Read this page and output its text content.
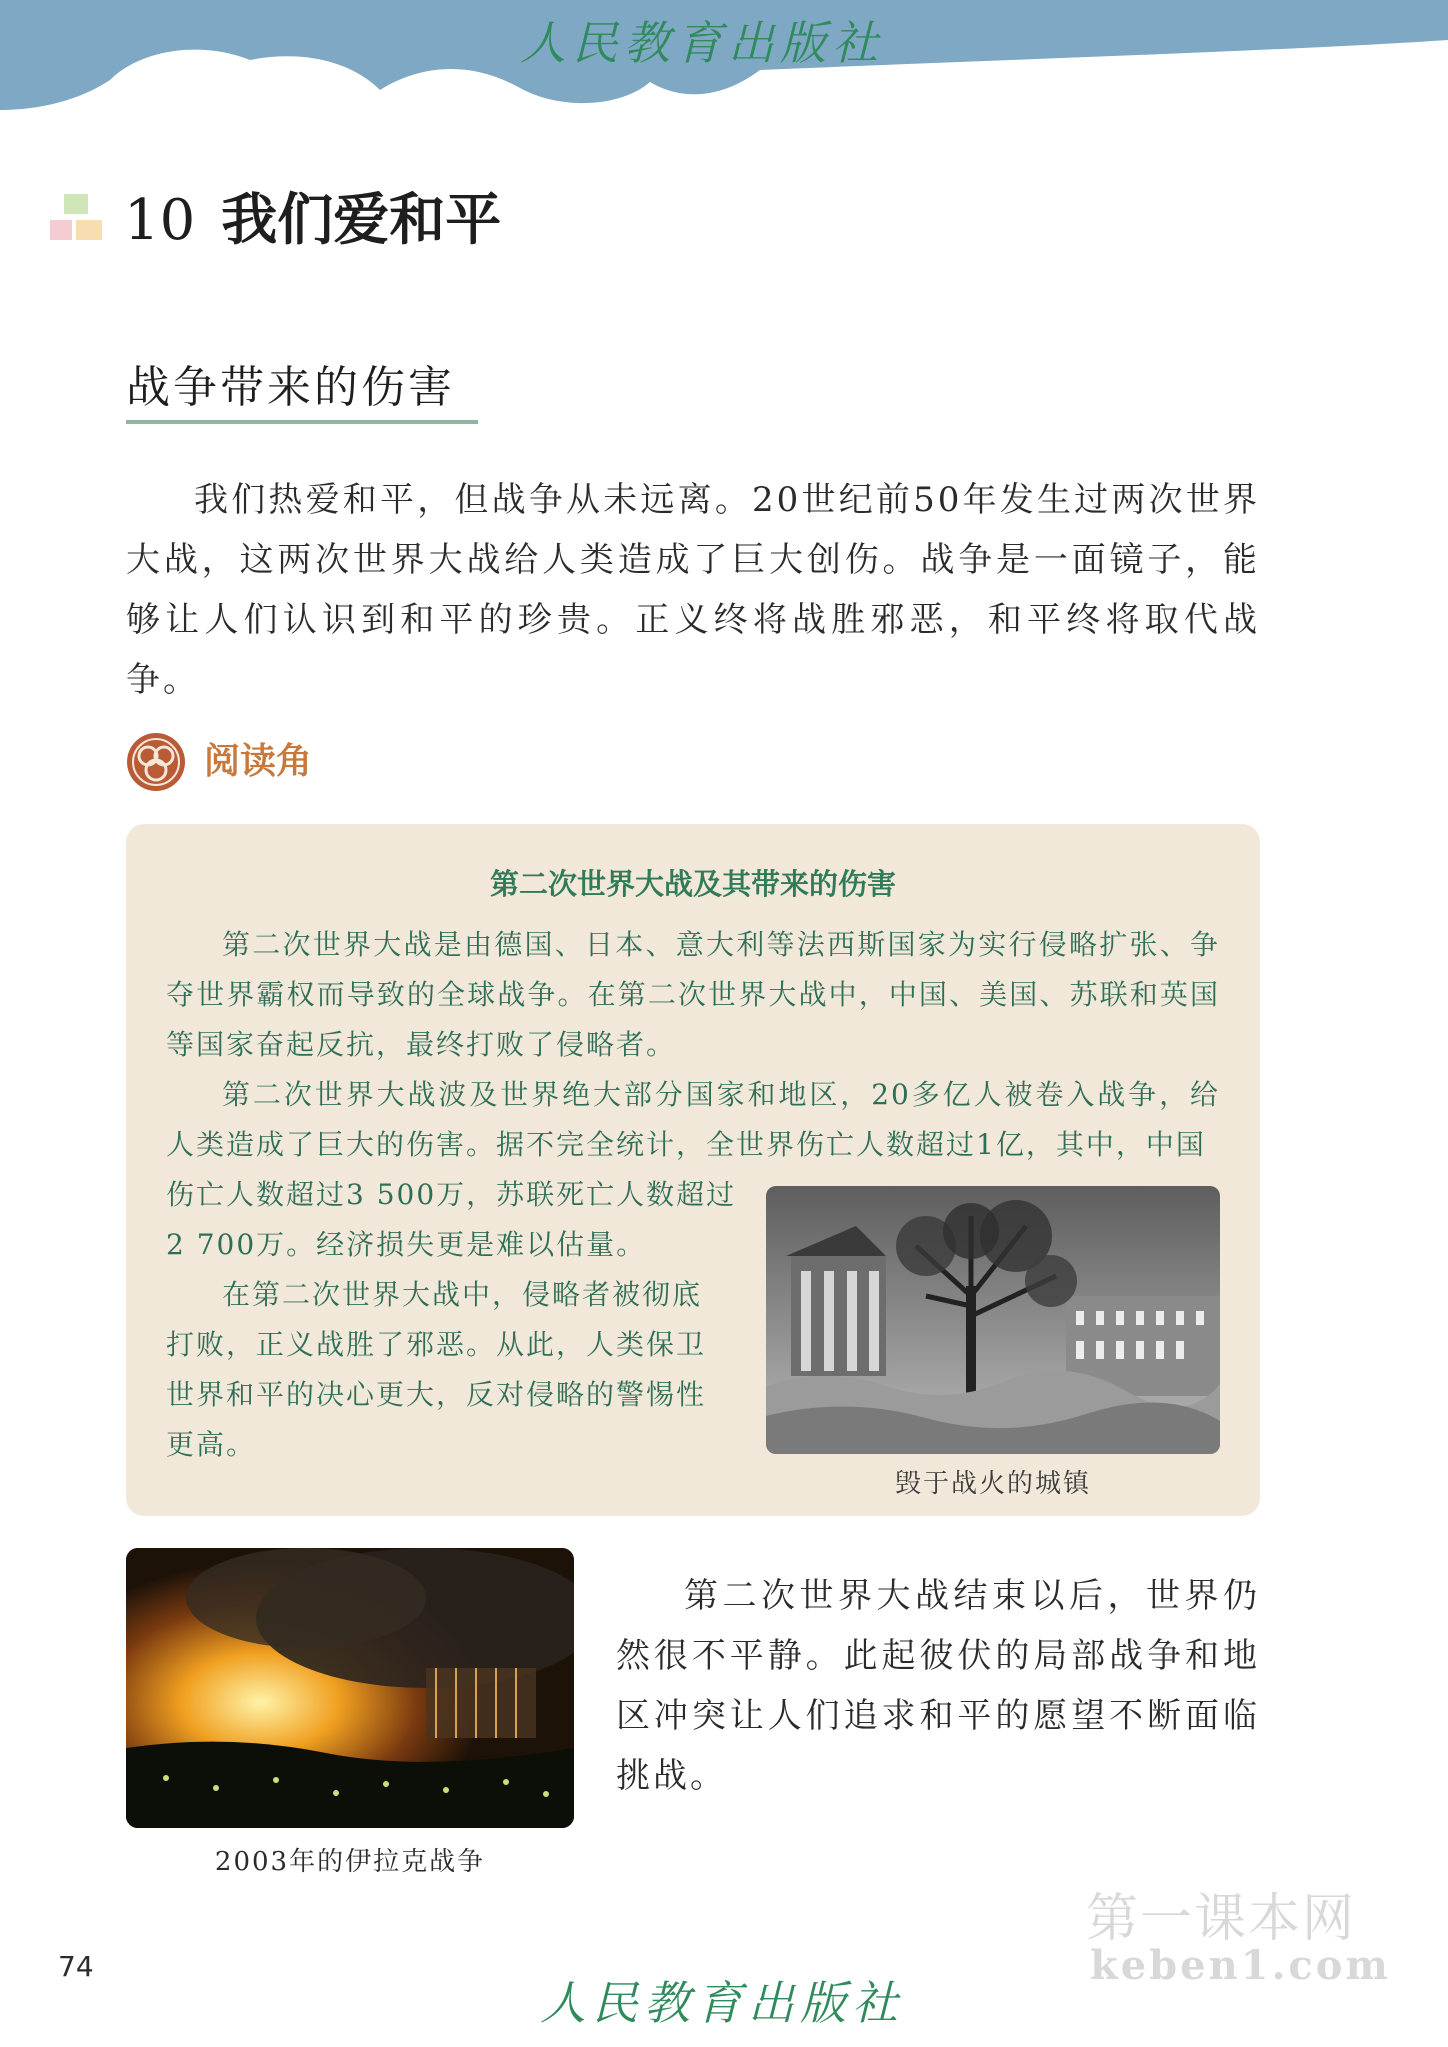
人民教育出版社
10 我们爱和平
战争带来的伤害

我们热爱和平，但战争从未远离。20世纪前50年发生过两次世界大战，这两次世界大战给人类造成了巨大创伤。战争是一面镜子，能够让人们认识到和平的珍贵。正义终将战胜邪恶，和平终将取代战争。

阅读角
第二次世界大战及其带来的伤害

第二次世界大战是由德国、日本、意大利等法西斯国家为实行侵略扩张、争夺世界霸权而导致的全球战争。在第二次世界大战中，中国、美国、苏联和英国等国家奋起反抗，最终打败了侵略者。

第二次世界大战波及世界绝大部分国家和地区，20多亿人被卷入战争，给人类造成了巨大的伤害。据不完全统计，全世界伤亡人数超过1亿，其中，中国

伤亡人数超过3 500万，苏联死亡人数超过
2 700万。经济损失更是难以估量。
在第二次世界大战中，侵略者被彻底
打败，正义战胜了邪恶。从此，人类保卫
世界和平的决心更大，反对侵略的警惕性
更高。
毁于战火的城镇
2003年的伊拉克战争

第二次世界大战结束以后，世界仍然很不平静。此起彼伏的局部战争和地区冲突让人们追求和平的愿望不断面临挑战。

74
人民教育出版社
第一课本网
keben1.com
